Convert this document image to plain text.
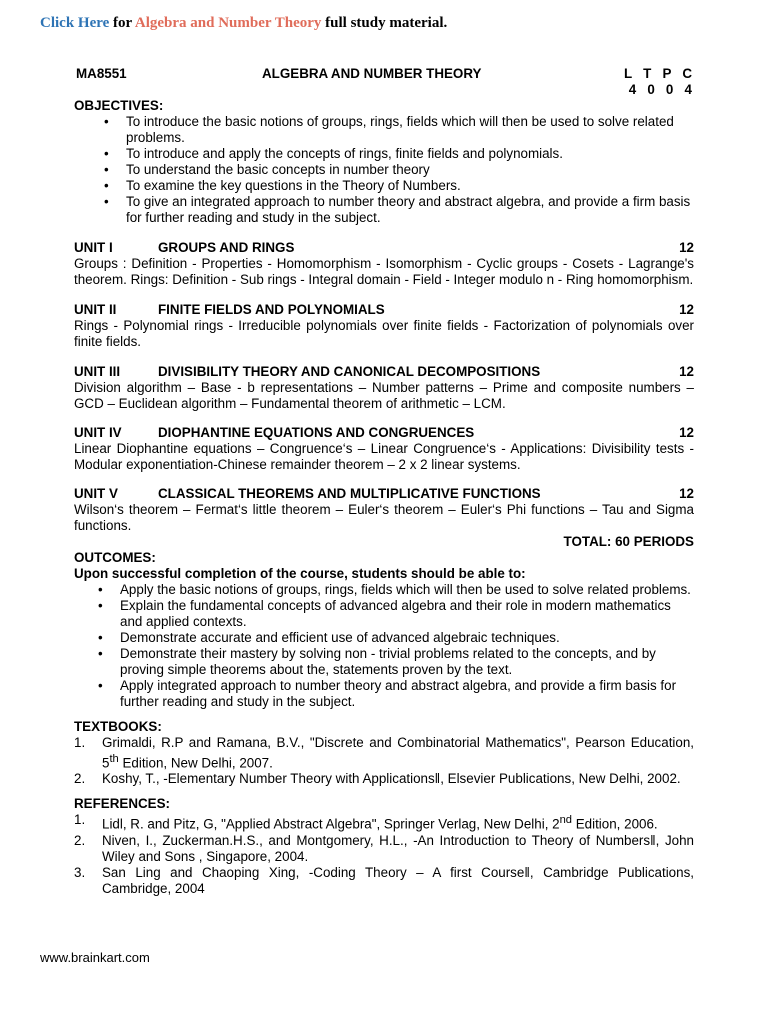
Click Here for Algebra and Number Theory full study material.
MA8551	ALGEBRA AND NUMBER THEORY	L   T   P   C
4   0   0   4
OBJECTIVES:
• To introduce the basic notions of groups, rings, fields which will then be used to solve related problems.
• To introduce and apply the concepts of rings, finite fields and polynomials.
• To understand the basic concepts in number theory
• To examine the key questions in the Theory of Numbers.
• To give an integrated approach to number theory and abstract algebra, and provide a firm basis for further reading and study in the subject.
UNIT I	GROUPS AND RINGS	12
Groups : Definition - Properties - Homomorphism - Isomorphism - Cyclic groups - Cosets - Lagrange's theorem. Rings: Definition - Sub rings - Integral domain - Field - Integer modulo n - Ring homomorphism.
UNIT II	FINITE FIELDS AND POLYNOMIALS	12
Rings - Polynomial rings - Irreducible polynomials over finite fields - Factorization of polynomials over finite fields.
UNIT III	DIVISIBILITY THEORY AND CANONICAL DECOMPOSITIONS	12
Division algorithm – Base - b representations – Number patterns – Prime and composite numbers – GCD – Euclidean algorithm – Fundamental theorem of arithmetic – LCM.
UNIT IV	DIOPHANTINE EQUATIONS AND CONGRUENCES	12
Linear Diophantine equations – Congruence‘s – Linear Congruence‘s - Applications: Divisibility tests - Modular exponentiation-Chinese remainder theorem – 2 x 2 linear systems.
UNIT V	CLASSICAL THEOREMS AND MULTIPLICATIVE FUNCTIONS	12
Wilson‘s theorem – Fermat‘s little theorem – Euler‘s theorem – Euler‘s Phi functions – Tau and Sigma functions.
TOTAL: 60 PERIODS
OUTCOMES:
Upon successful completion of the course, students should be able to:
• Apply the basic notions of groups, rings, fields which will then be used to solve related problems.
• Explain the fundamental concepts of advanced algebra and their role in modern mathematics and applied contexts.
• Demonstrate accurate and efficient use of advanced algebraic techniques.
• Demonstrate their mastery by solving non - trivial problems related to the concepts, and by proving simple theorems about the, statements proven by the text.
• Apply integrated approach to number theory and abstract algebra, and provide a firm basis for further reading and study in the subject.
TEXTBOOKS:
1. Grimaldi, R.P and Ramana, B.V., "Discrete and Combinatorial Mathematics", Pearson Education, 5th Edition, New Delhi, 2007.
2. Koshy, T., -Elementary Number Theory with Applications‖, Elsevier Publications, New Delhi, 2002.
REFERENCES:
1. Lidl, R. and Pitz, G, "Applied Abstract Algebra", Springer Verlag, New Delhi, 2nd Edition, 2006.
2. Niven, I., Zuckerman.H.S., and Montgomery, H.L., -An Introduction to Theory of Numbers‖, John Wiley and Sons , Singapore, 2004.
3. San Ling and Chaoping Xing, -Coding Theory – A first Course‖, Cambridge Publications, Cambridge, 2004
www.brainkart.com
